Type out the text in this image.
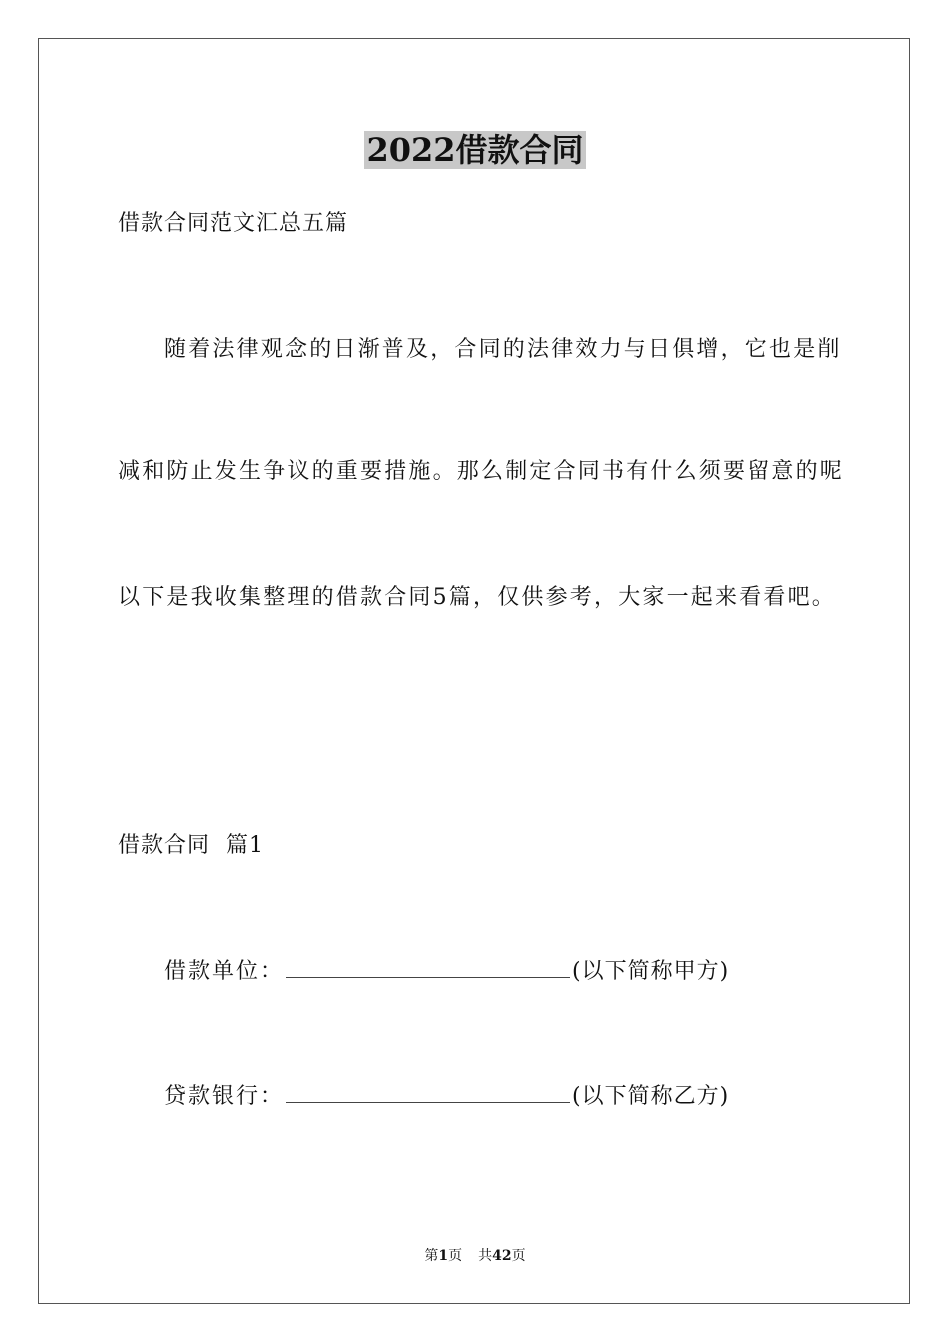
2022借款合同
借款合同范文汇总五篇
随着法律观念的日渐普及，合同的法律效力与日俱增，它也是削
减和防止发生争议的重要措施。那么制定合同书有什么须要留意的呢
以下是我收集整理的借款合同5篇，仅供参考，大家一起来看看吧。
借款合同  篇1
借款单位：	(以下简称甲方)
贷款银行：	(以下简称乙方)
第1页 共42页
